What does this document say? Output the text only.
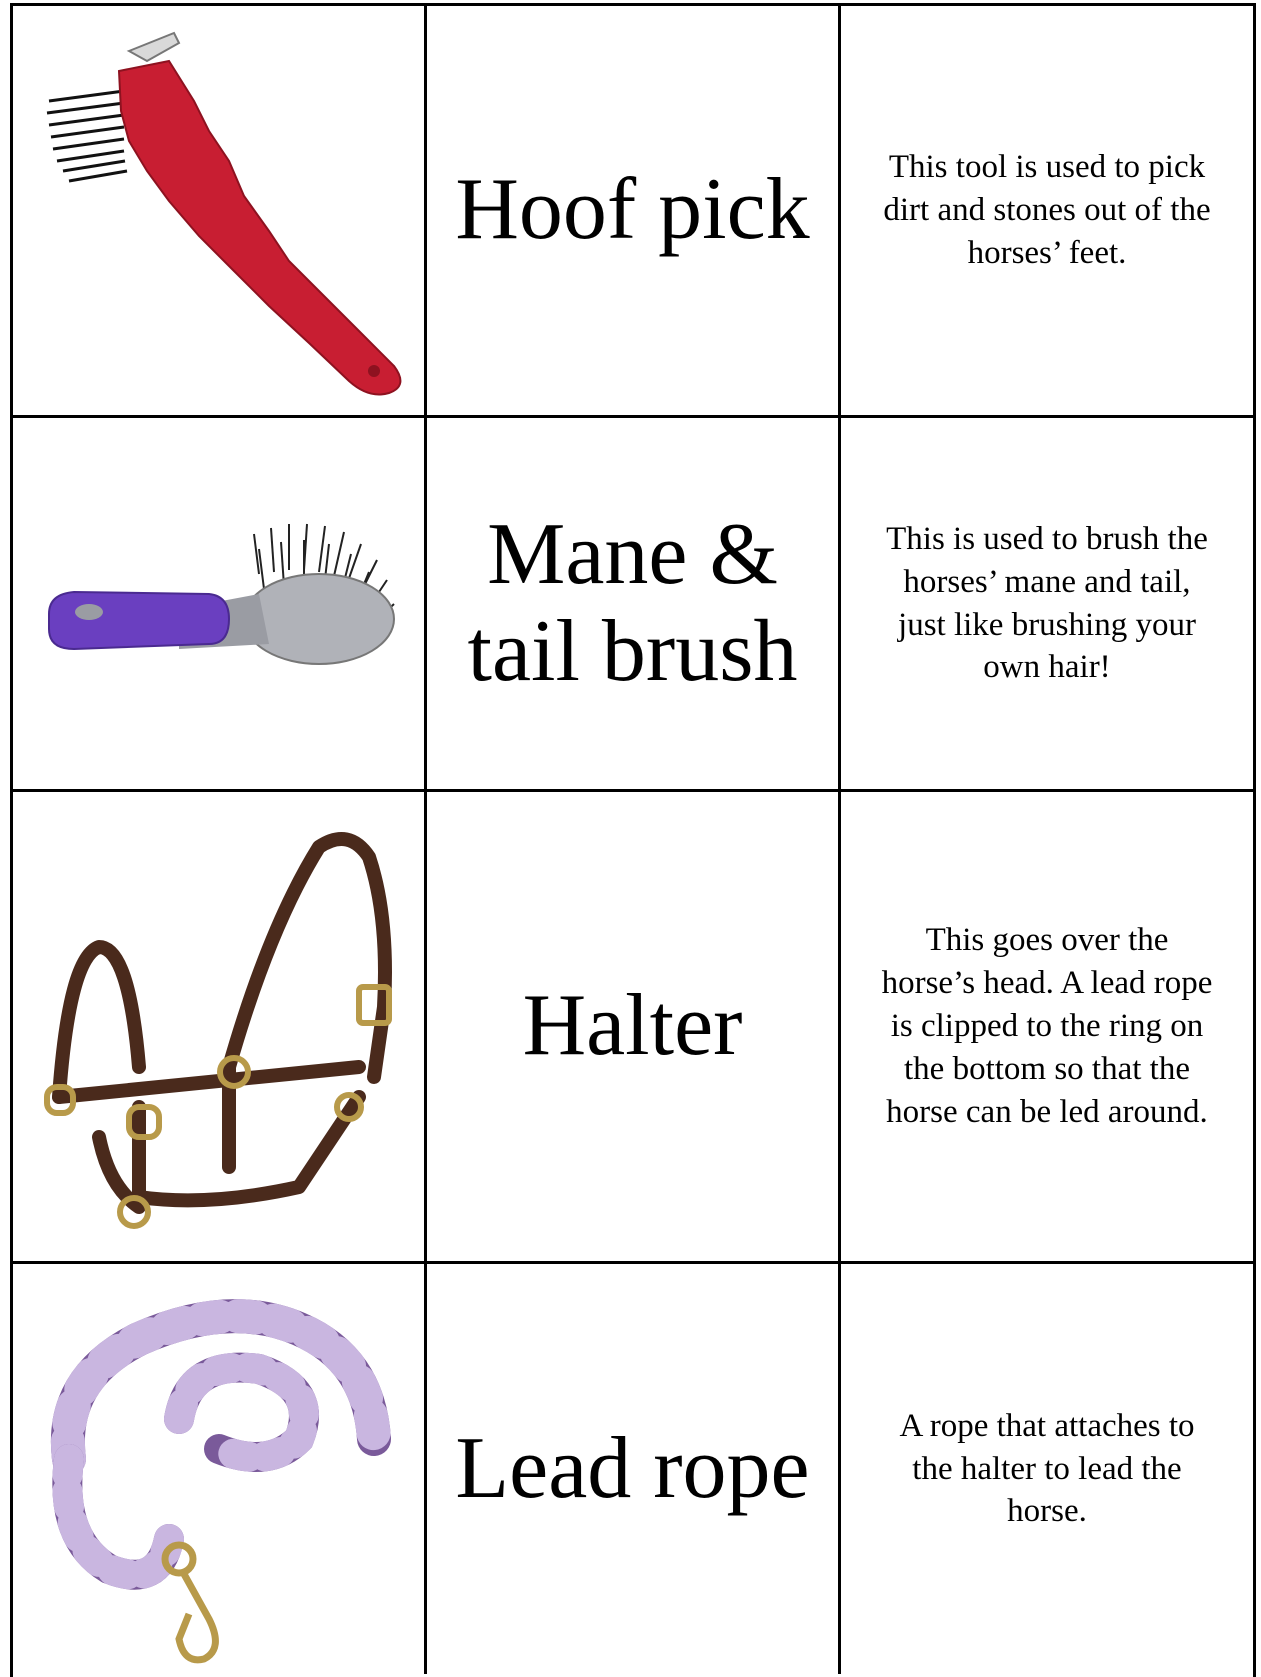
Hoof pick	This tool is used to pick
dirt and stones out of the
horses’ feet.
Mane &
tail brush
This is used to brush the
horses’ mane and tail,
just like brushing your
own hair!
Halter
This goes over the
horse’s head. A lead rope
is clipped to the ring on
the bottom so that the
horse can be led around.
Lead rope	A rope that attaches to
the halter to lead the
horse.
